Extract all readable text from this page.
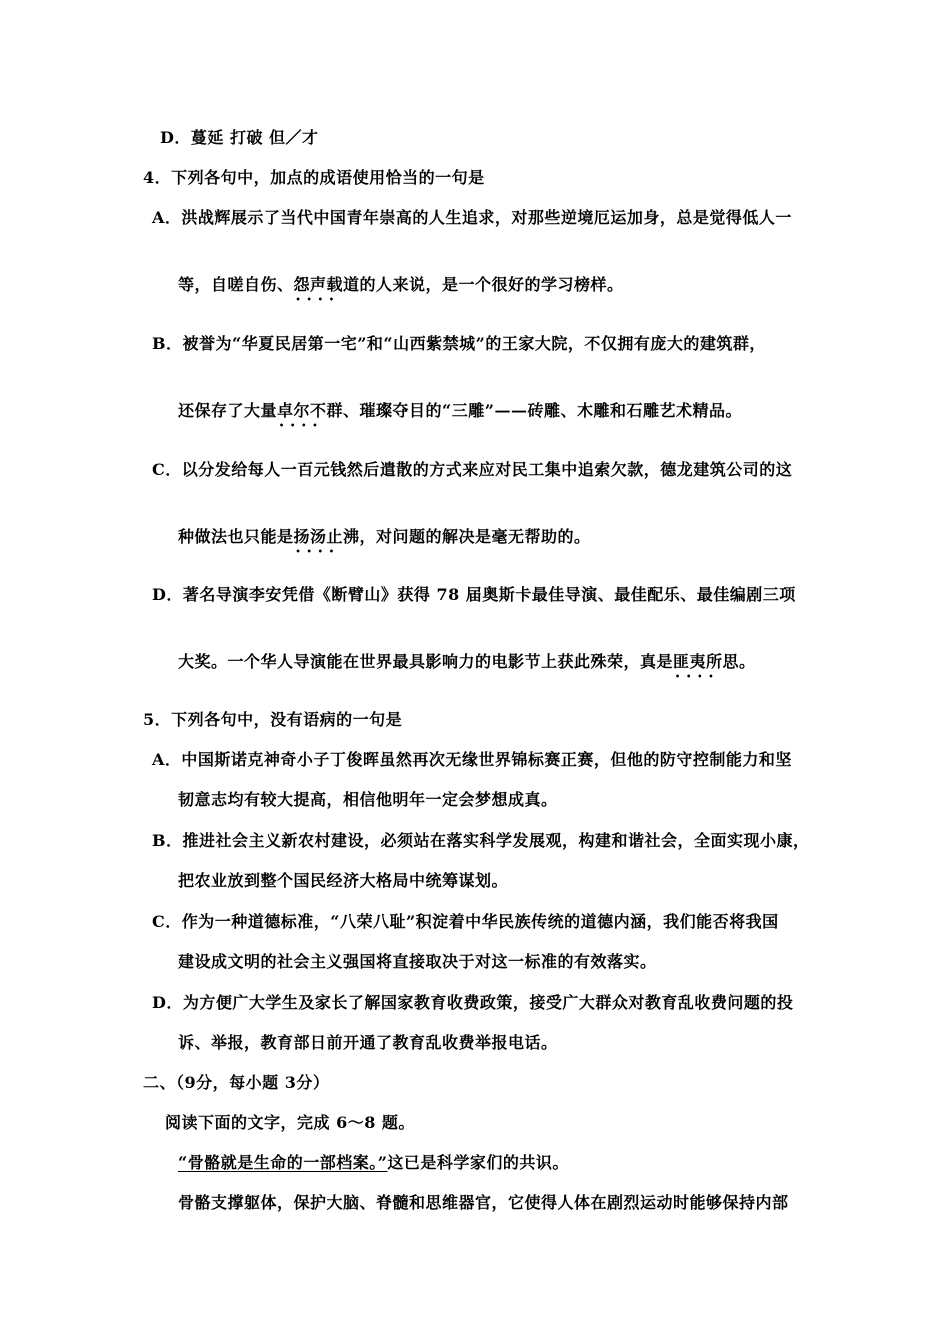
D．蔓延 打破 但／才
4．下列各句中，加点的成语使用恰当的一句是
A．洪战辉展示了当代中国青年崇高的人生追求，对那些逆境厄运加身，总是觉得低人一
等，自嗟自伤、怨声载道 ••••的人来说，是一个很好的学习榜样。
B．被誉为“华夏民居第一宅”和“山西紫禁城”的王家大院，不仅拥有庞大的建筑群，
还保存了大量卓尔不群 ••••、璀璨夺目的“三雕”——砖雕、木雕和石雕艺术精品。
C．以分发给每人一百元钱然后遣散的方式来应对民工集中追索欠款，德龙建筑公司的这
种做法也只能是扬汤止沸 ••••，对问题的解决是毫无帮助的。
D．著名导演李安凭借《断臂山》获得 78 届奥斯卡最佳导演、最佳配乐、最佳编剧三项
大奖。一个华人导演能在世界最具影响力的电影节上获此殊荣，真是匪夷所思 ••••。
5．下列各句中，没有语病的一句是
A．中国斯诺克神奇小子丁俊晖虽然再次无缘世界锦标赛正赛，但他的防守控制能力和坚
韧意志均有较大提高，相信他明年一定会梦想成真。
B．推进社会主义新农村建设，必须站在落实科学发展观，构建和谐社会，全面实现小康，
把农业放到整个国民经济大格局中统筹谋划。
C．作为一种道德标准，“八荣八耻”积淀着中华民族传统的道德内涵，我们能否将我国
建设成文明的社会主义强国将直接取决于对这一标准的有效落实。
D．为方便广大学生及家长了解国家教育收费政策，接受广大群众对教育乱收费问题的投
诉、举报，教育部日前开通了教育乱收费举报电话。
二、（9分，每小题 3分）
阅读下面的文字，完成 6～8 题。
“骨骼就是生命的一部档案。”这已是科学家们的共识。
骨骼支撑躯体，保护大脑、脊髓和思维器官，它使得人体在剧烈运动时能够保持内部
